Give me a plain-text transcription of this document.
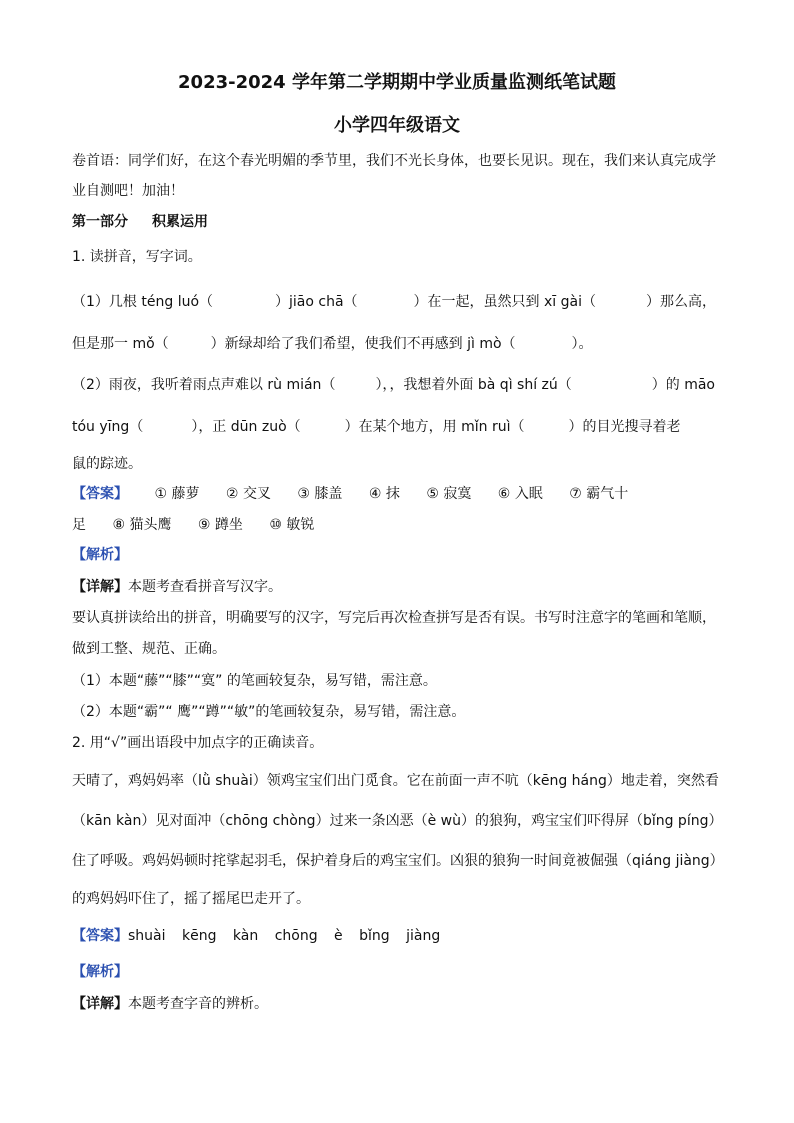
2023-2024 学年第二学期期中学业质量监测纸笔试题
小学四年级语文
卷首语：同学们好，在这个春光明媚的季节里，我们不光长身体，也要长见识。现在，我们来认真完成学
业自测吧！加油！
第一部分 积累运用
1. 读拼音，写字词。
（1）几根 téng luó（	）jiāo chā（	）在一起，虽然只到 xī gài（	）那么高，
但是那一 mǒ（	）新绿却给了我们希望，使我们不再感到 jì mò（	）。
（2）雨夜，我听着雨点声难以 rù mián（	），，我想着外面 bà qì shí zú（	）的 māo
tóu yīng（	），正 dūn zuò（	）在某个地方，用 mǐn ruì（	）的目光搜寻着老
鼠的踪迹。
【答案】 ① 藤萝 ② 交叉 ③ 膝盖 ④ 抹 ⑤ 寂寞 ⑥ 入眠 ⑦ 霸气十
足 ⑧ 猫头鹰 ⑨ 蹲坐 ⑩ 敏锐
【解析】
【详解】本题考查看拼音写汉字。
要认真拼读给出的拼音，明确要写的汉字，写完后再次检查拼写是否有误。书写时注意字的笔画和笔顺，
做到工整、规范、正确。
（1）本题“藤”“膝”“寞” 的笔画较复杂，易写错，需注意。
（2）本题“霸”“ 鹰”“蹲”“敏”的笔画较复杂，易写错，需注意。
2. 用“√”画出语段中加点字的正确读音。
天晴了，鸡妈妈率（lǜ shuài）领鸡宝宝们出门觅食。它在前面一声不吭（kēng háng）地走着，突然看
（kān kàn）见对面冲（chōng chòng）过来一条凶恶（è wù）的狼狗，鸡宝宝们吓得屏（bǐng píng）
住了呼吸。鸡妈妈顿时挓挲起羽毛，保护着身后的鸡宝宝们。凶狠的狼狗一时间竟被倔强（qiáng jiàng）
的鸡妈妈吓住了，摇了摇尾巴走开了。
【答案】shuài kēng kàn chōng è bǐng jiàng
【解析】
【详解】本题考查字音的辨析。
